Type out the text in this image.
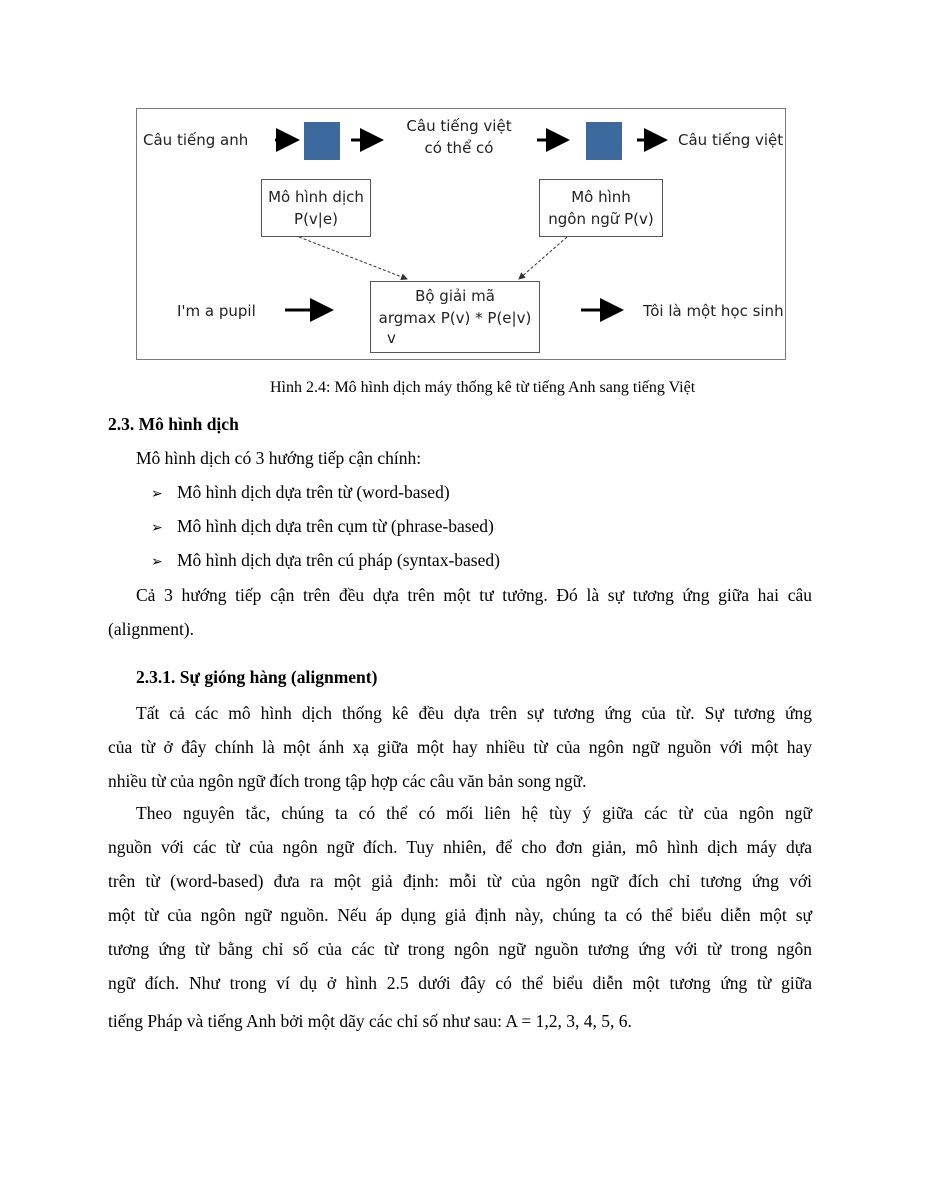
Câu tiếng anh
Câu tiếng việt
có thể có	Câu tiếng việt
Mô hình dịch
P(v|e)
Mô hình
ngôn ngữ P(v)
I'm a pupil
Bộ giải mã
argmax P(v) * P(e|v)
v
Tôi là một học sinh
Hình 2.4: Mô hình dịch máy thống kê từ tiếng Anh sang tiếng Việt
2.3. Mô hình dịch
Mô hình dịch có 3 hướng tiếp cận chính:
➢ Mô hình dịch dựa trên từ (word-based)
➢ Mô hình dịch dựa trên cụm từ (phrase-based)
➢ Mô hình dịch dựa trên cú pháp (syntax-based)
Cả 3 hướng tiếp cận trên đều dựa trên một tư tưởng. Đó là sự tương ứng giữa hai câu
(alignment).
2.3.1. Sự gióng hàng (alignment)
Tất cả các mô hình dịch thống kê đều dựa trên sự tương ứng của từ. Sự tương ứng
của từ ở đây chính là một ánh xạ giữa một hay nhiều từ của ngôn ngữ nguồn với một hay
nhiều từ của ngôn ngữ đích trong tập hợp các câu văn bản song ngữ.
Theo nguyên tắc, chúng ta có thể có mối liên hệ tùy ý giữa các từ của ngôn ngữ
nguồn với các từ của ngôn ngữ đích. Tuy nhiên, để cho đơn giản, mô hình dịch máy dựa
trên từ (word-based) đưa ra một giả định: mỗi từ của ngôn ngữ đích chỉ tương ứng với
một từ của ngôn ngữ nguồn. Nếu áp dụng giả định này, chúng ta có thể biểu diễn một sự
tương ứng từ bằng chỉ số của các từ trong ngôn ngữ nguồn tương ứng với từ trong ngôn
ngữ đích. Như trong ví dụ ở hình 2.5 dưới đây có thể biểu diễn một tương ứng từ giữa
tiếng Pháp và tiếng Anh bởi một dãy các chỉ số như sau: A = 1,2, 3, 4, 5, 6.
